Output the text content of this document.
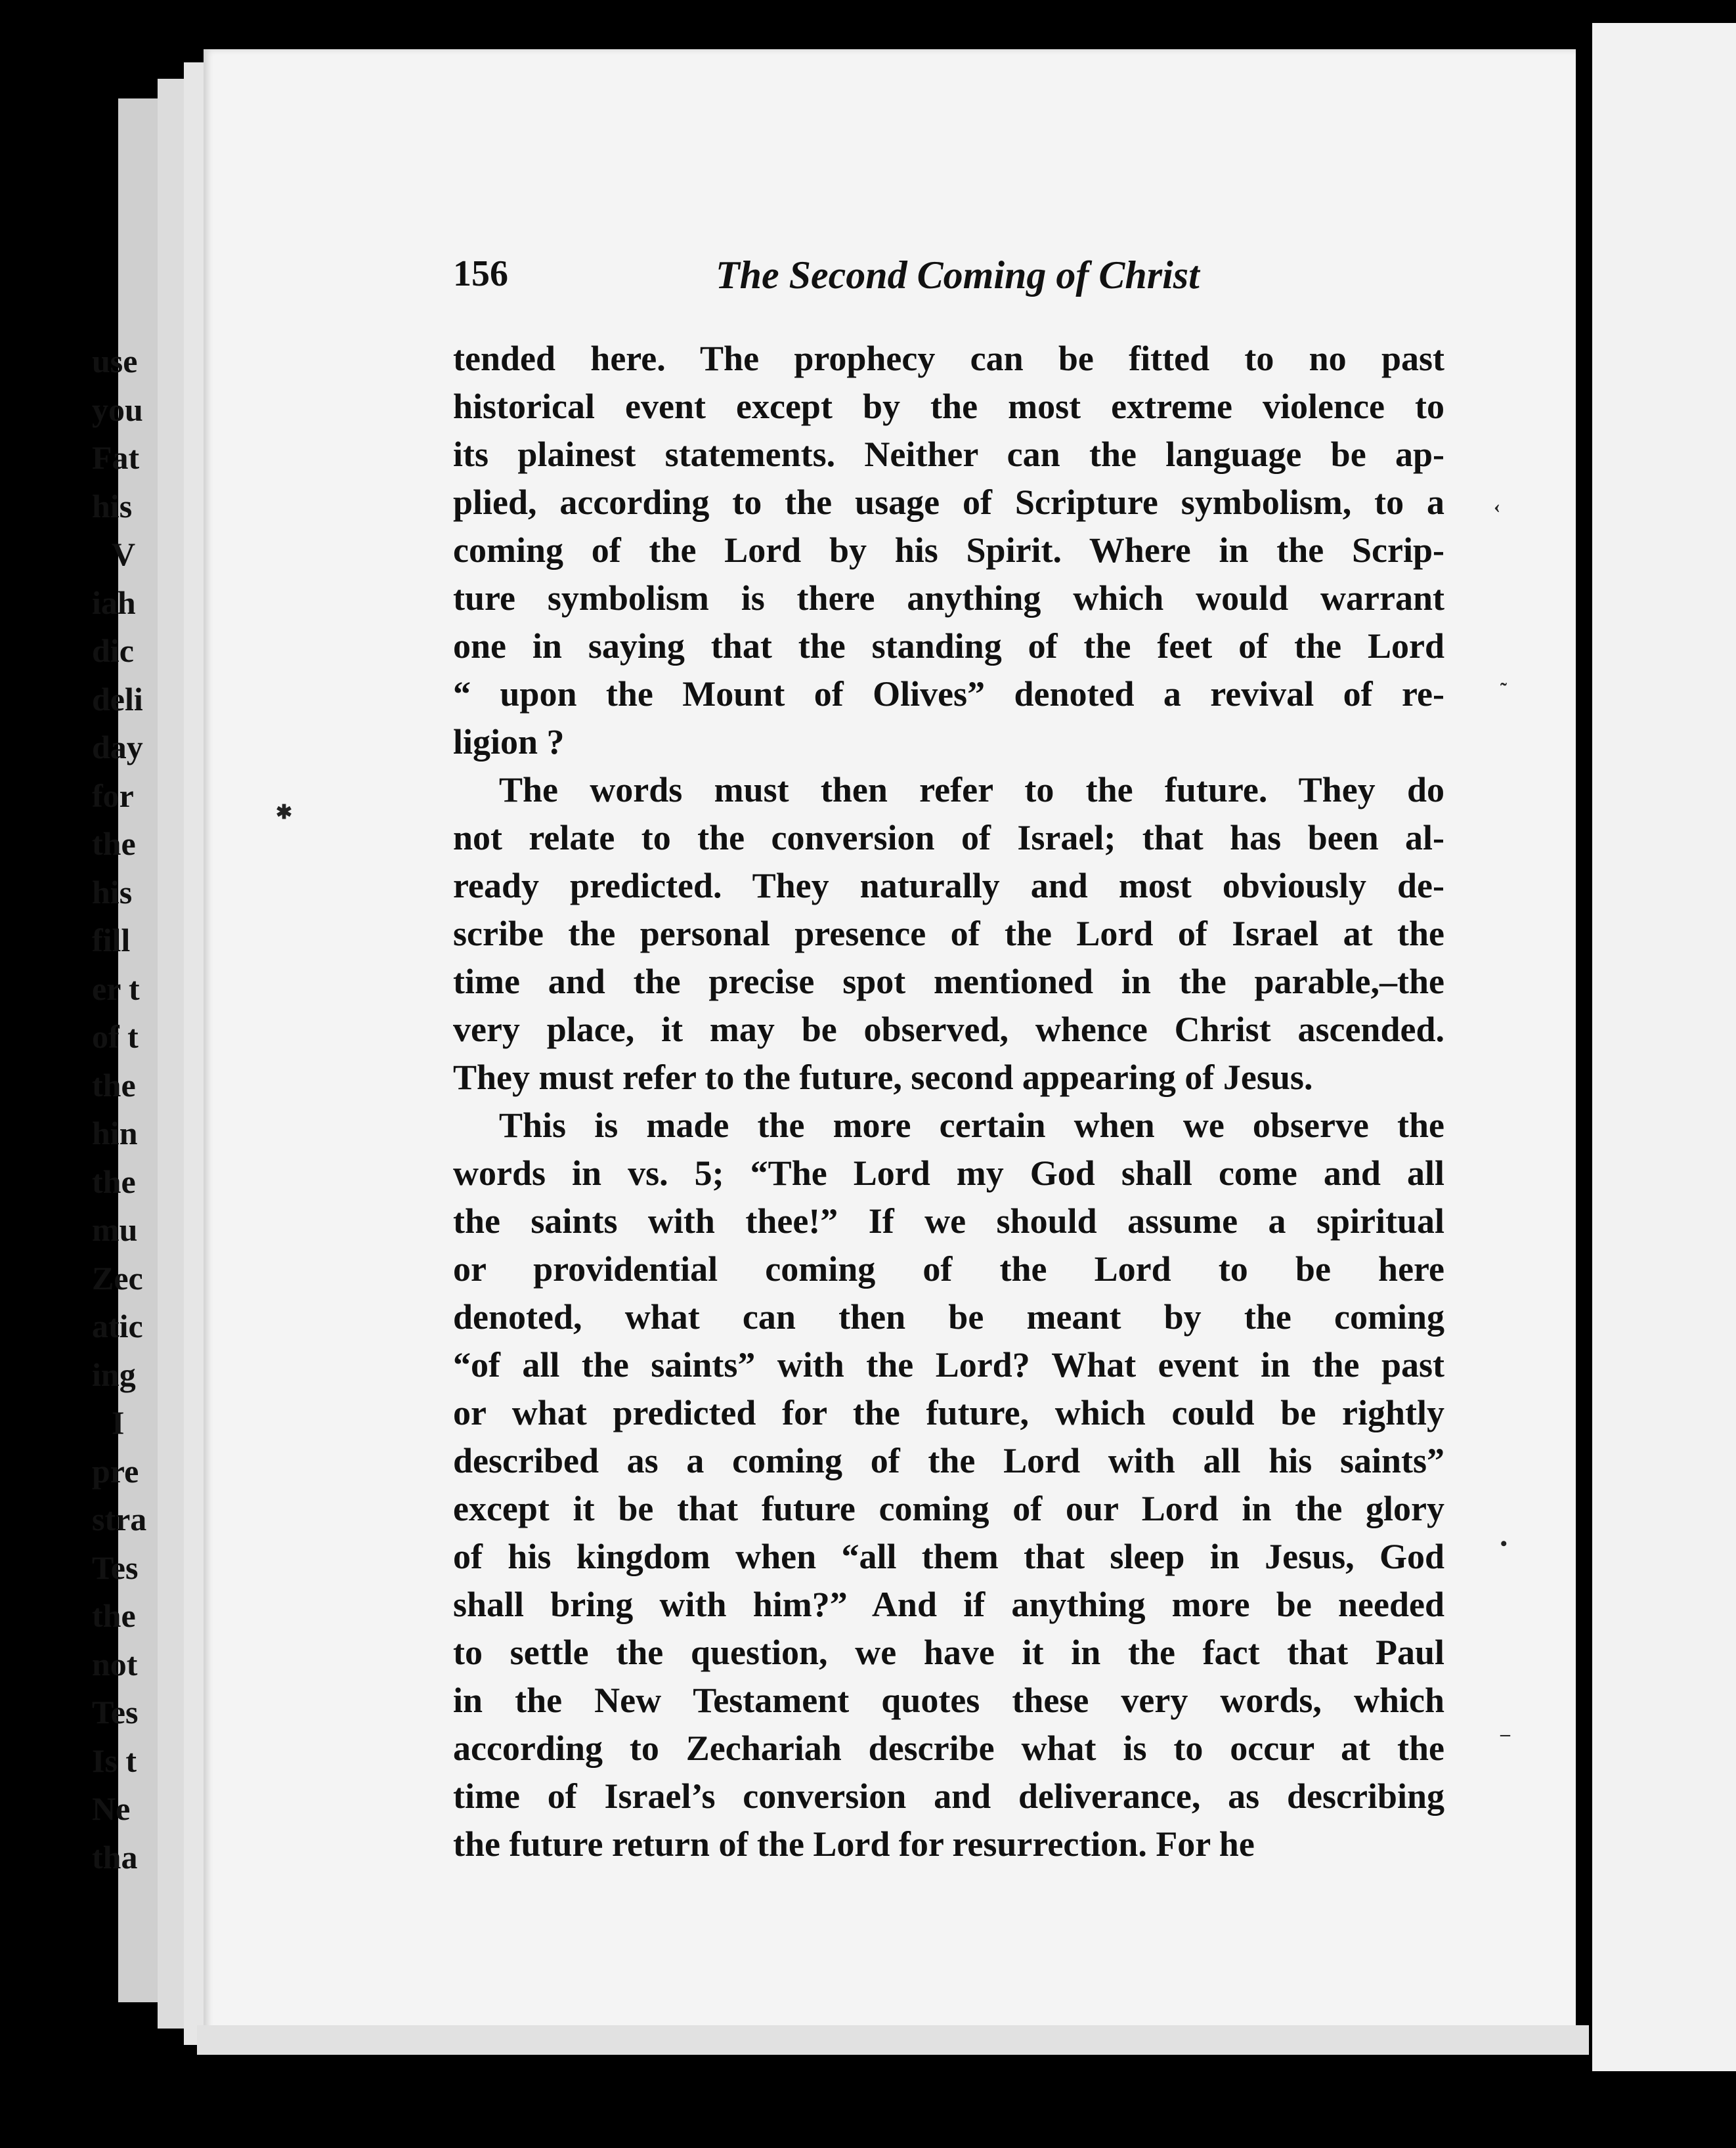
use
you
Fat
his
V
iah
dic
deli
day
for
the
his
fill
er t
of t
the
hin
the
mu
Zec
atic
ing
I
pre
stra
Tes
the
not
Tes
Is t
Ne
tha
156	The Second Coming of Christ
tended here. The prophecy can be fitted to no past
historical event except by the most extreme violence to
its plainest statements. Neither can the language be ap-
plied, according to the usage of Scripture symbolism, to a
coming of the Lord by his Spirit. Where in the Scrip-
ture symbolism is there anything which would warrant
one in saying that the standing of the feet of the Lord
“ upon the Mount of Olives” denoted a revival of re-
ligion ?
The words must then refer to the future. They do
not relate to the conversion of Israel; that has been al-
ready predicted. They naturally and most obviously de-
scribe the personal presence of the Lord of Israel at the
time and the precise spot mentioned in the parable,–the
very place, it may be observed, whence Christ ascended.
They must refer to the future, second appearing of Jesus.
This is made the more certain when we observe the
words in vs. 5; “The Lord my God shall come and all
the saints with thee!” If we should assume a spiritual
or providential coming of the Lord to be here
denoted, what can then be meant by the coming
“of all the saints” with the Lord? What event in the past
or what predicted for the future, which could be rightly
described as a coming of the Lord with all his saints”
except it be that future coming of our Lord in the glory
of his kingdom when “all them that sleep in Jesus, God
shall bring with him?” And if anything more be needed
to settle the question, we have it in the fact that Paul
in the New Testament quotes these very words, which
according to Zechariah describe what is to occur at the
time of Israel’s conversion and deliverance, as describing
the future return of the Lord for resurrection. For he
✱
‹
˜
•
–
